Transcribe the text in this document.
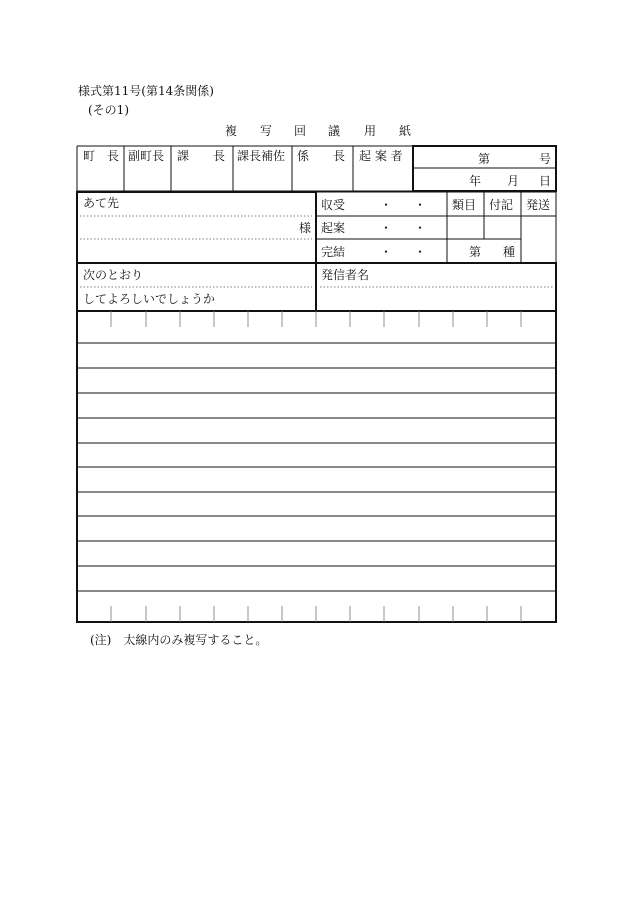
様式第11号(第14条関係)
(その1)
複 写 回 議 用 紙
町　長 副町長 課　　長 課長補佐 係　　長 起 案 者	第	号
年 月 日
あて先
様
収受
起案
完結
・ ・
・ ・
・ ・
類目 付記 発送
第 種
次のとおり
してよろしいでしょうか
発信者名
(注)　太線内のみ複写すること。
